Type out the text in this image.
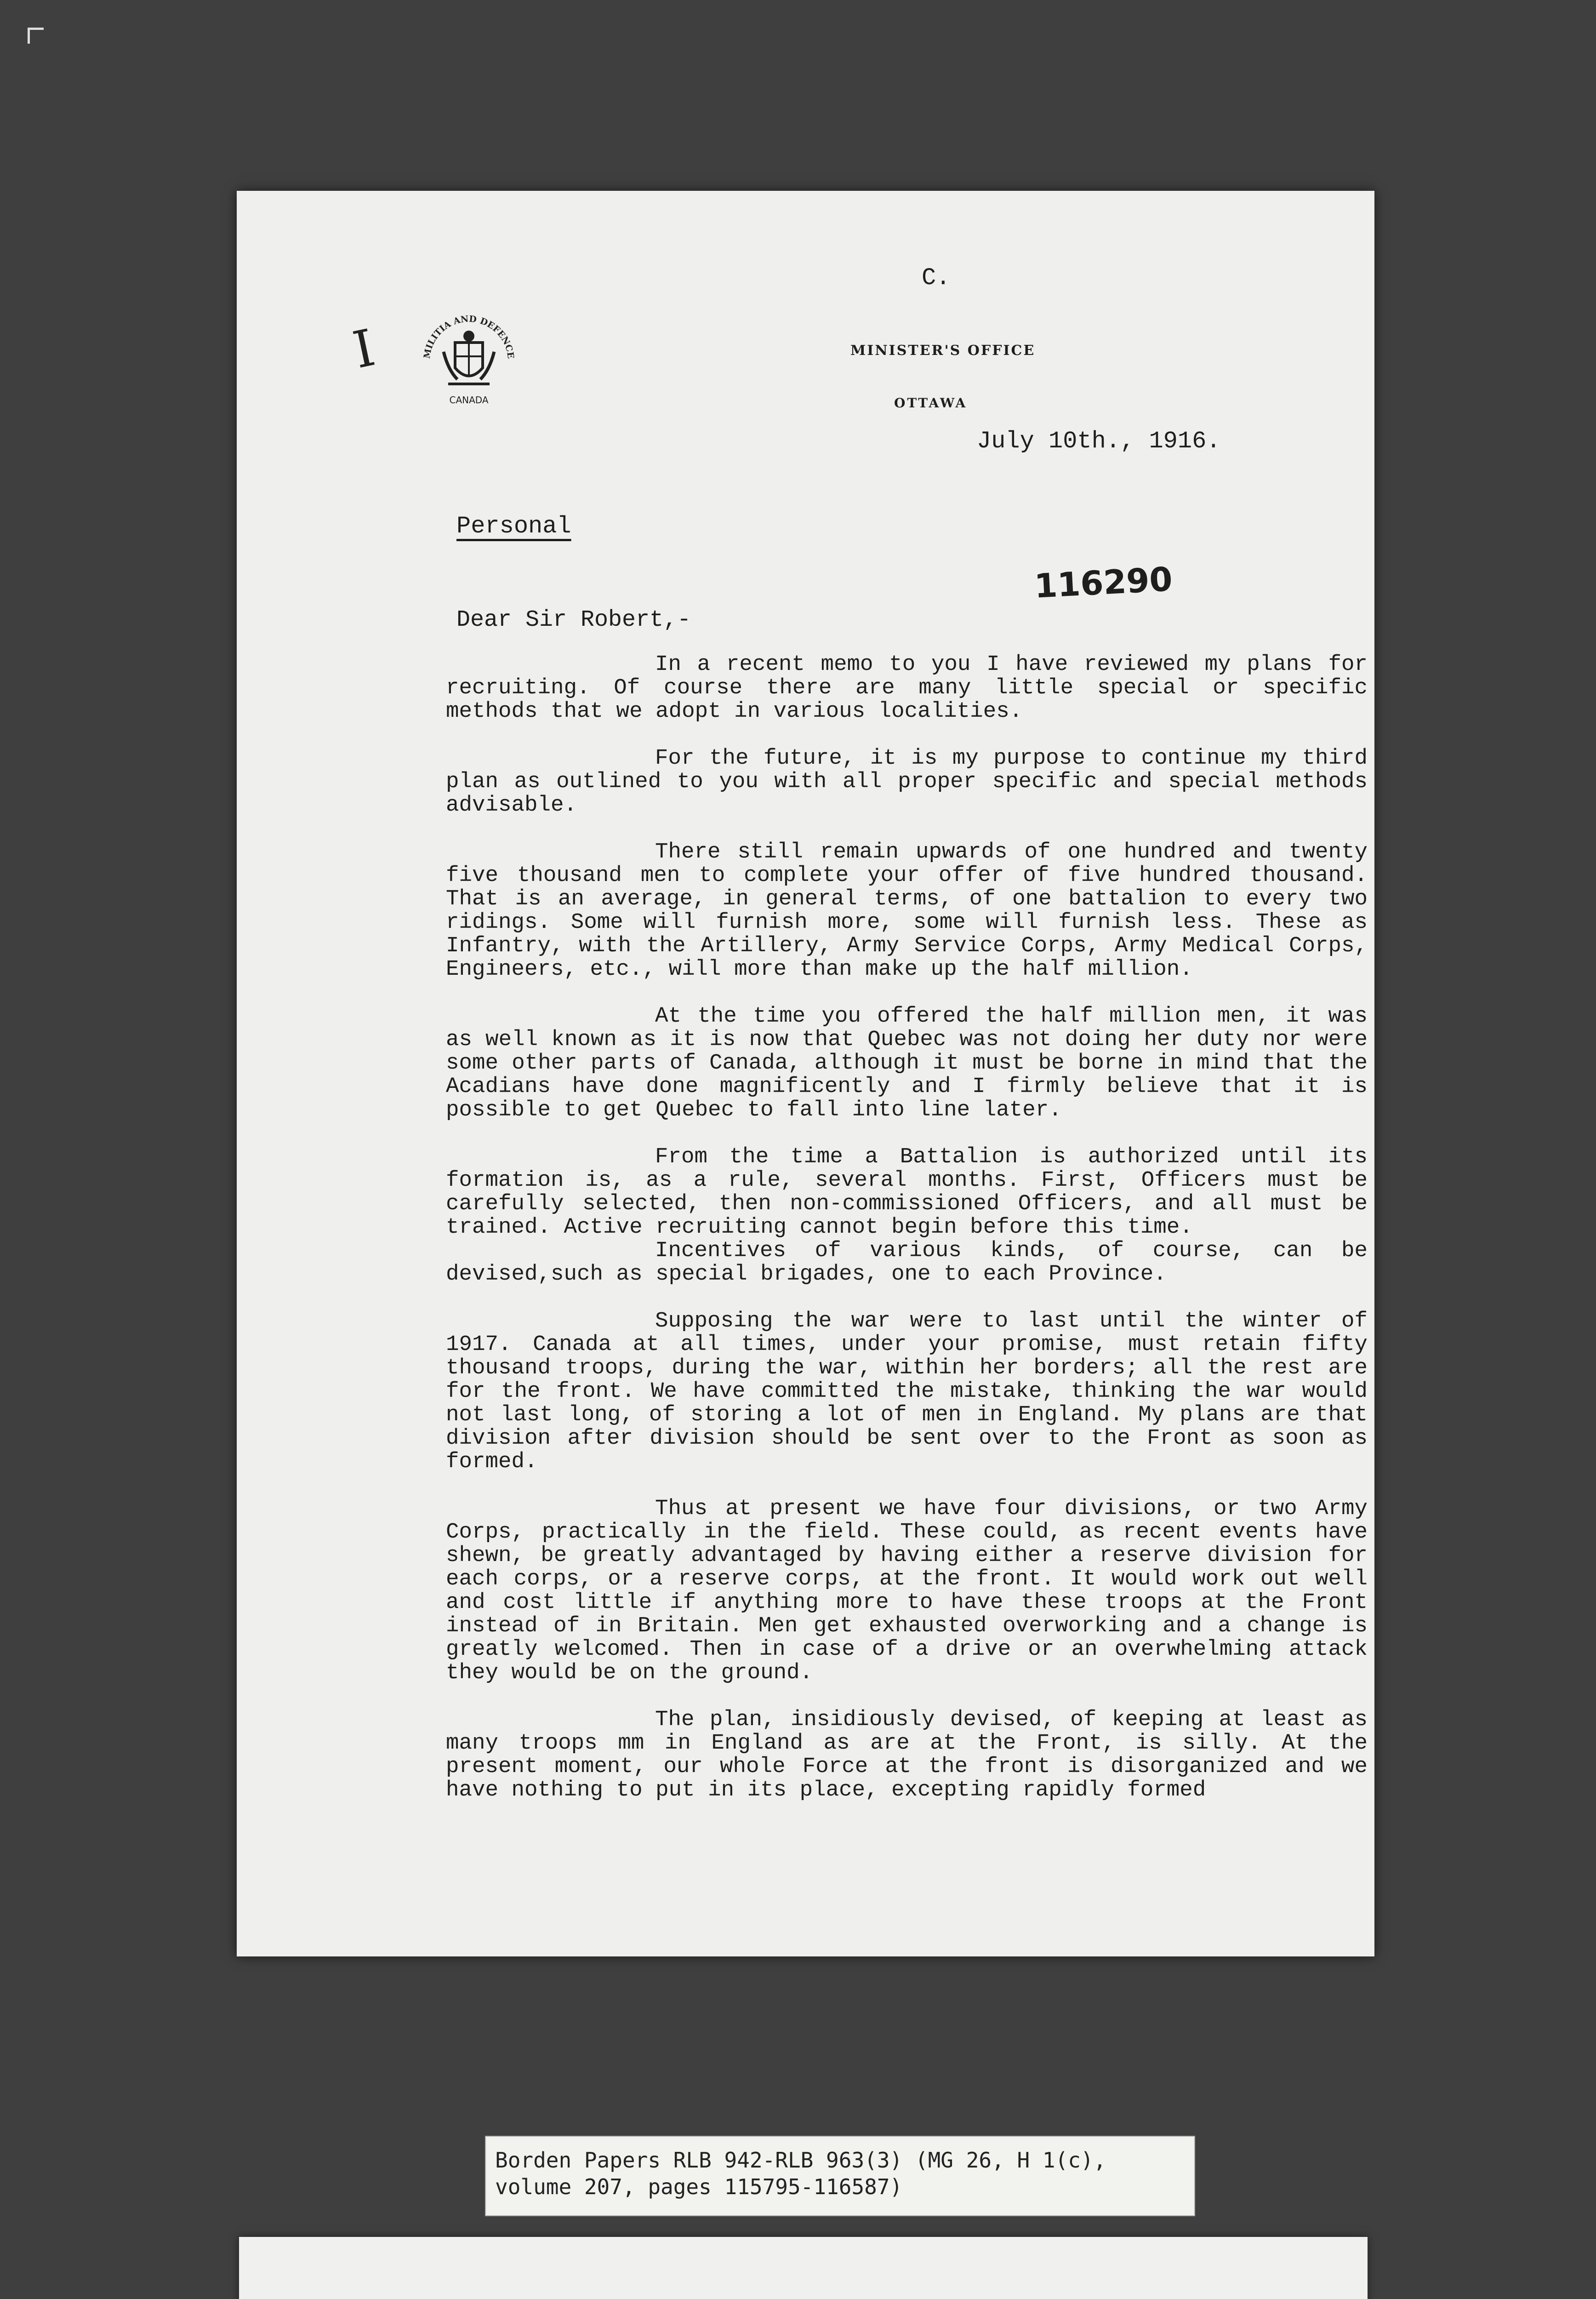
I	MILITIA AND DEFENCE
CANADA
C.
MINISTER'S OFFICE
OTTAWA
July 10th., 1916.
Personal
116290
Dear Sir Robert,-

In a recent memo to you I have reviewed my plans for recruiting. Of course there are many little special or specific methods that we adopt in various localities.

For the future, it is my purpose to continue my third plan as outlined to you with all proper specific and special methods advisable.

There still remain upwards of one hundred and twenty five thousand men to complete your offer of five hundred thousand. That is an average, in general terms, of one battalion to every two ridings. Some will furnish more, some will furnish less. These as Infantry, with the Artillery, Army Service Corps, Army Medical Corps, Engineers, etc., will more than make up the half million.

At the time you offered the half million men, it was as well known as it is now that Quebec was not doing her duty nor were some other parts of Canada, although it must be borne in mind that the Acadians have done magnificently and I firmly believe that it is possible to get Quebec to fall into line later.

From the time a Battalion is authorized until its formation is, as a rule, several months. First, Officers must be carefully selected, then non-commissioned Officers, and all must be trained. Active recruiting cannot begin before this time.

Incentives of various kinds, of course, can be devised,such as special brigades, one to each Province.

Supposing the war were to last until the winter of 1917. Canada at all times, under your promise, must retain fifty thousand troops, during the war, within her borders; all the rest are for the front. We have committed the mistake, thinking the war would not last long, of storing a lot of men in England. My plans are that division after division should be sent over to the Front as soon as formed.

Thus at present we have four divisions, or two Army Corps, practically in the field. These could, as recent events have shewn, be greatly advantaged by having either a reserve division for each corps, or a reserve corps, at the front. It would work out well and cost little if anything more to have these troops at the Front instead of in Britain. Men get exhausted overworking and a change is greatly welcomed. Then in case of a drive or an overwhelming attack they would be on the ground.

The plan, insidiously devised, of keeping at least as many troops mm in England as are at the Front, is silly. At the present moment, our whole Force at the front is disorganized and we have nothing to put in its place, excepting rapidly formed

Borden Papers RLB 942-RLB 963(3) (MG 26, H 1(c),
volume 207, pages 115795-116587)
